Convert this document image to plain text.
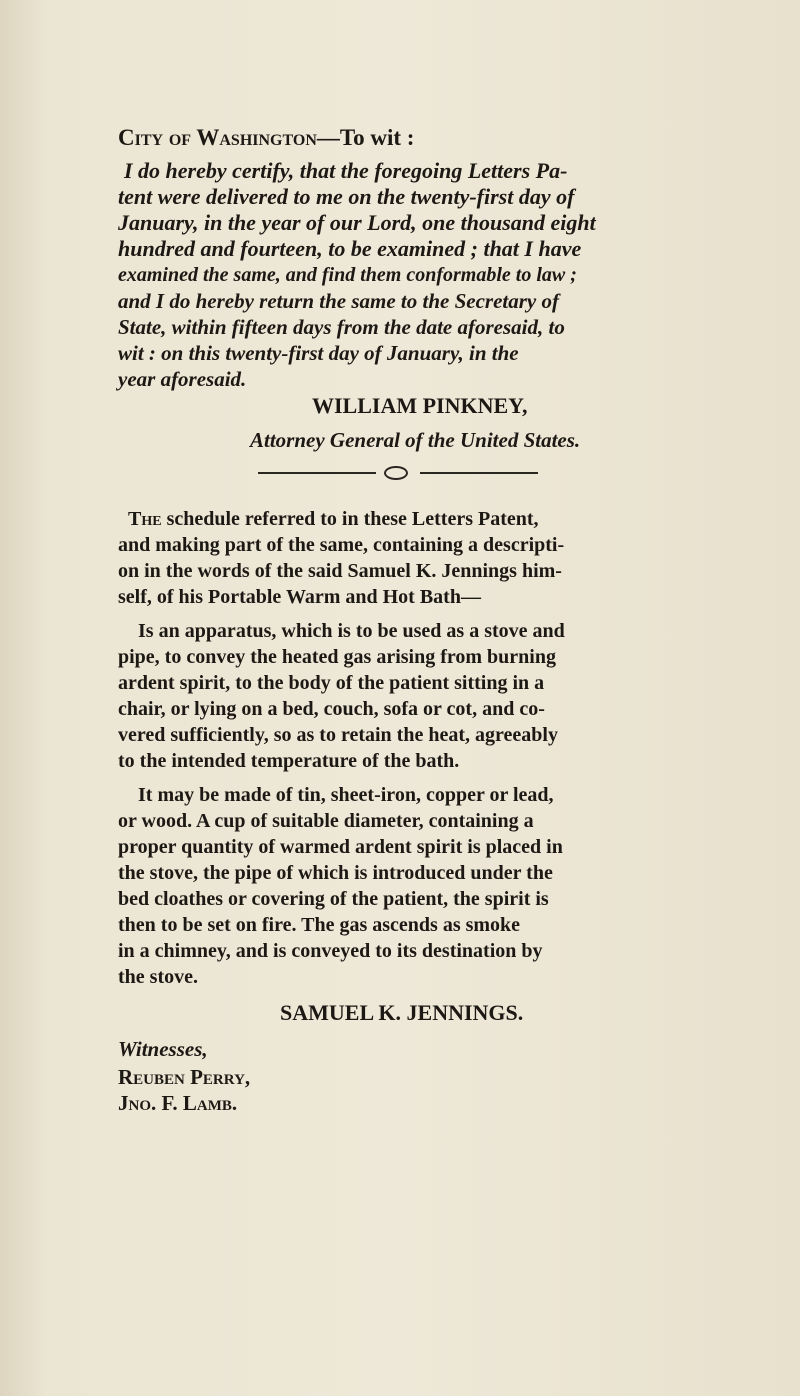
City of Washington—To wit :
I do hereby certify, that the foregoing Letters Pa-
tent were delivered to me on the twenty-first day of
January, in the year of our Lord, one thousand eight
hundred and fourteen, to be examined ; that I have
examined the same, and find them conformable to law ;
and I do hereby return the same to the Secretary of
State, within fifteen days from the date aforesaid, to
wit : on this twenty-first day of January, in the
year aforesaid.
WILLIAM PINKNEY,
Attorney General of the United States.
The schedule referred to in these Letters Patent,
and making part of the same, containing a descripti-
on in the words of the said Samuel K. Jennings him-
self, of his Portable Warm and Hot Bath—
Is an apparatus, which is to be used as a stove and
pipe, to convey the heated gas arising from burning
ardent spirit, to the body of the patient sitting in a
chair, or lying on a bed, couch, sofa or cot, and co-
vered sufficiently, so as to retain the heat, agreeably
to the intended temperature of the bath.
It may be made of tin, sheet-iron, copper or lead,
or wood. A cup of suitable diameter, containing a
proper quantity of warmed ardent spirit is placed in
the stove, the pipe of which is introduced under the
bed cloathes or covering of the patient, the spirit is
then to be set on fire. The gas ascends as smoke
in a chimney, and is conveyed to its destination by
the stove.
SAMUEL K. JENNINGS.
Witnesses,
Reuben Perry,
Jno. F. Lamb.
